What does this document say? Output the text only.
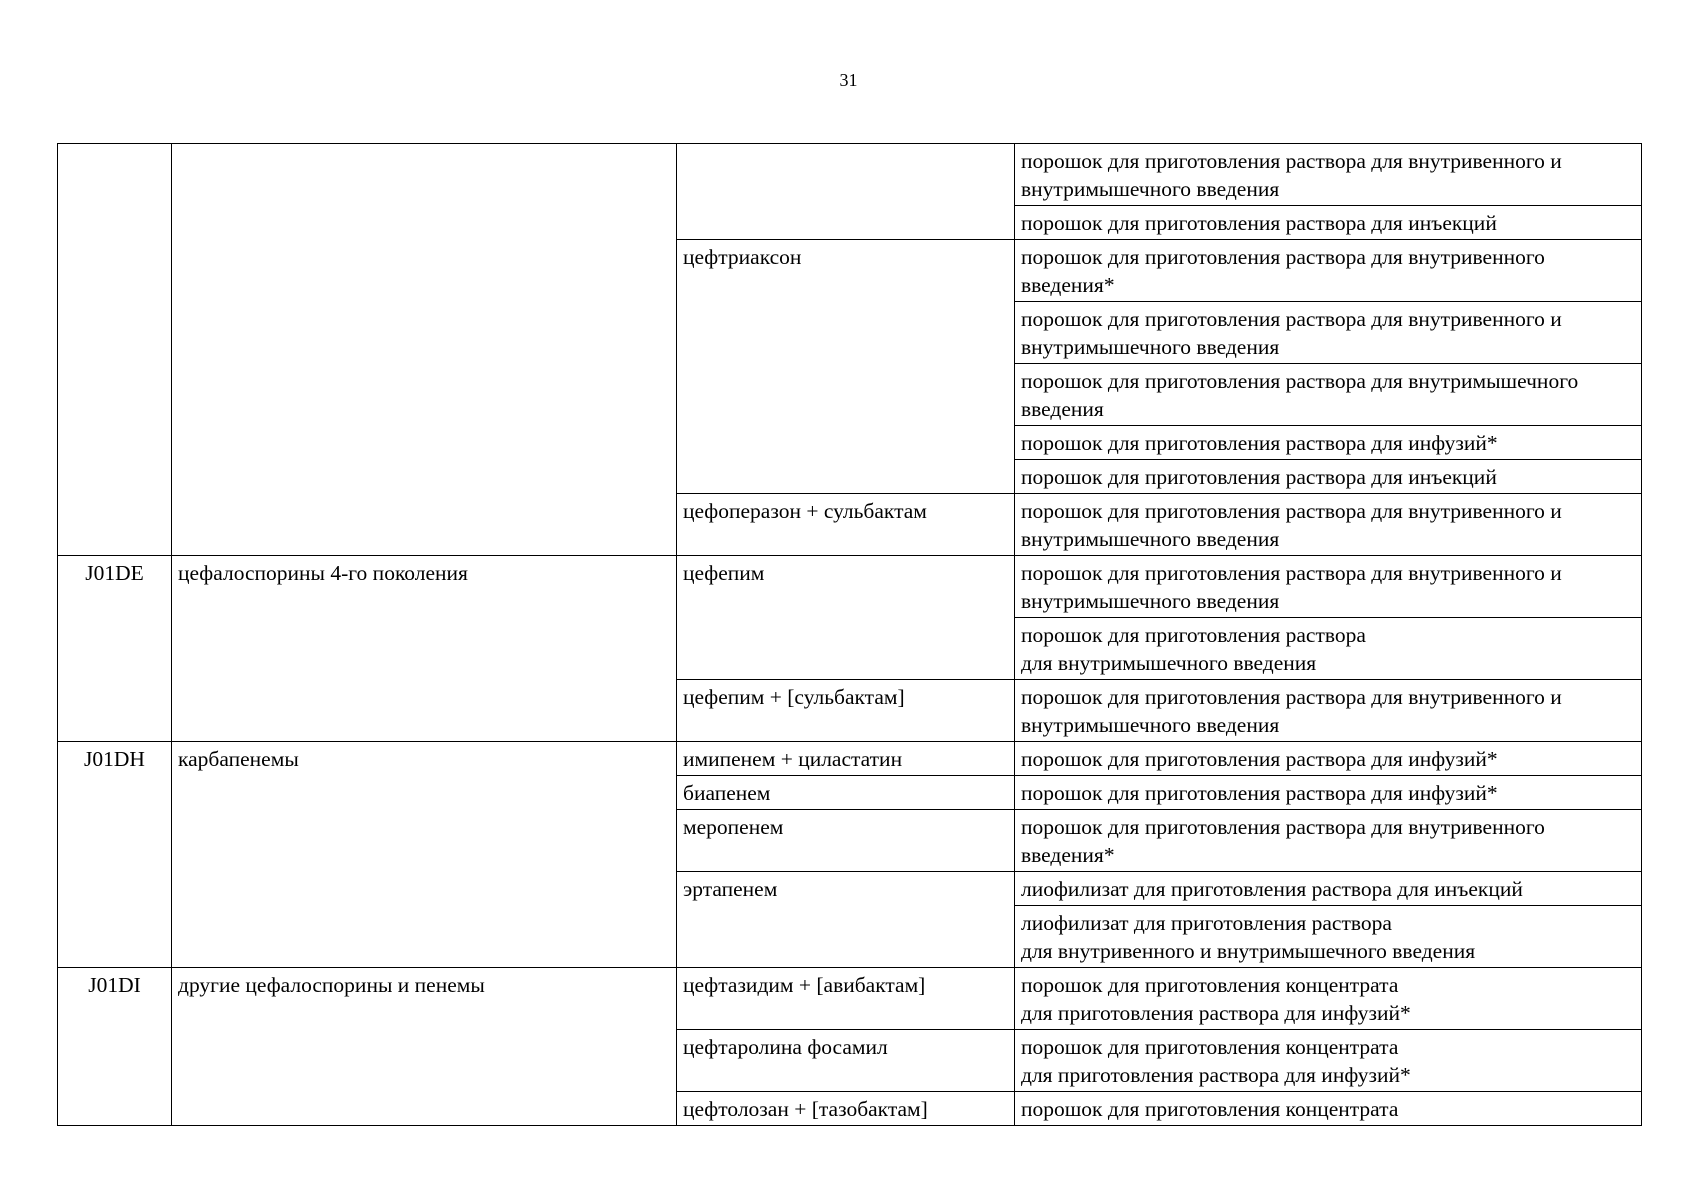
31
			порошок для приготовления раствора для внутривенного и внутримышечного введения
			порошок для приготовления раствора для инъекций
		цефтриаксон	порошок для приготовления раствора для внутривенного введения*
			порошок для приготовления раствора для внутривенного и внутримышечного введения
			порошок для приготовления раствора для внутримышечного введения
			порошок для приготовления раствора для инфузий*
			порошок для приготовления раствора для инъекций
		цефоперазон + сульбактам	порошок для приготовления раствора для внутривенного и внутримышечного введения
J01DE	цефалоспорины 4-го поколения	цефепим	порошок для приготовления раствора для внутривенного и внутримышечного введения
			порошок для приготовления раствора
для внутримышечного введения
		цефепим + [сульбактам]	порошок для приготовления раствора для внутривенного и внутримышечного введения
J01DH	карбапенемы	имипенем + циластатин	порошок для приготовления раствора для инфузий*
		биапенем	порошок для приготовления раствора для инфузий*
		меропенем	порошок для приготовления раствора для внутривенного введения*
		эртапенем	лиофилизат для приготовления раствора для инъекций
			лиофилизат для приготовления раствора
для внутривенного и внутримышечного введения
J01DI	другие цефалоспорины и пенемы	цефтазидим + [авибактам]	порошок для приготовления концентрата
для приготовления раствора для инфузий*
		цефтаролина фосамил	порошок для приготовления концентрата
для приготовления раствора для инфузий*
		цефтолозан + [тазобактам]	порошок для приготовления концентрата
